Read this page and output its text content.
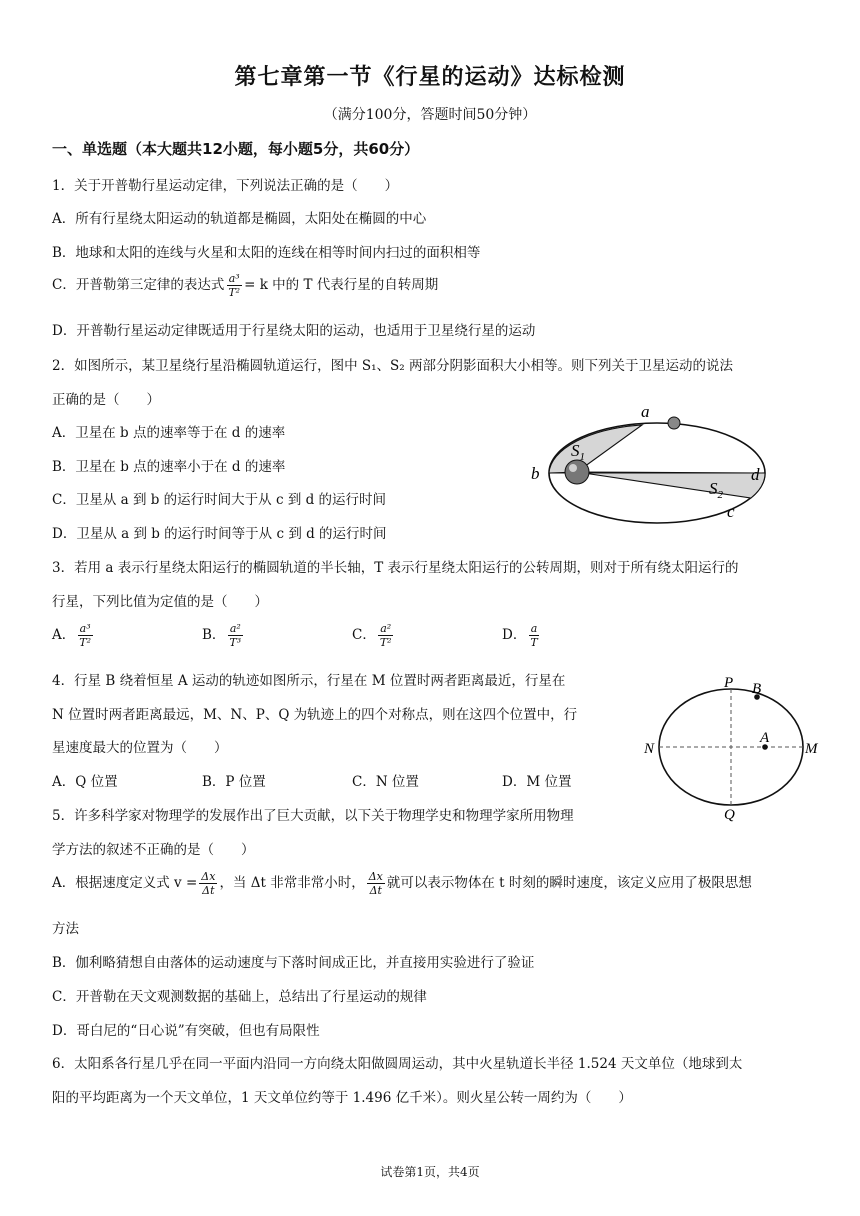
第七章第一节《行星的运动》达标检测
（满分100分，答题时间50分钟）
一、单选题（本大题共12小题，每小题5分，共60分）
1．关于开普勒行星运动定律，下列说法正确的是（　　）
A．所有行星绕太阳运动的轨道都是椭圆，太阳处在椭圆的中心
B．地球和太阳的连线与火星和太阳的连线在相等时间内扫过的面积相等
C．开普勒第三定律的表达式 $\frac{\text{a³}}{\text{T²}} = k$ 中的 T 代表行星的自转周期
D．开普勒行星运动定律既适用于行星绕太阳的运动，也适用于卫星绕行星的运动
2．如图所示，某卫星绕行星沿椭圆轨道运行，图中 S₁、S₂ 两部分阴影面积大小相等。则下列关于卫星运动的说法
正确的是（　　）
A．卫星在 b 点的速率等于在 d 的速率
B．卫星在 b 点的速率小于在 d 的速率
C．卫星从 a 到 b 的运行时间大于从 c 到 d 的运行时间
D．卫星从 a 到 b 的运行时间等于从 c 到 d 的运行时间
a
b	d
c
$S_1$
$S_2$
3．若用 a 表示行星绕太阳运行的椭圆轨道的半长轴，T 表示行星绕太阳运行的公转周期，则对于所有绕太阳运行的
行星，下列比值为定值的是（　　）
A． $\frac{\text{a³}}{\text{T²}}$	B． $\frac{\text{a²}}{\text{T³}}$	C． $\frac{\text{a²}}{\text{T²}}$	D． $\frac{a}{T}$
4．行星 B 绕着恒星 A 运动的轨迹如图所示，行星在 M 位置时两者距离最近，行星在
N 位置时两者距离最远，M、N、P、Q 为轨迹上的四个对称点，则在这四个位置中，行
星速度最大的位置为（　　）
A．Q 位置	B．P 位置	C．N 位置	D．M 位置
P B
A
N	M
Q
5．许多科学家对物理学的发展作出了巨大贡献，以下关于物理学史和物理学家所用物理
学方法的叙述不正确的是（　　）
A．根据速度定义式 $v = \frac{\Delta x}{\Delta t}$ ，当 Δt 非常非常小时， $\frac{\Delta x}{\Delta t}$ 就可以表示物体在 t 时刻的瞬时速度，该定义应用了极限思想
方法
B．伽利略猜想自由落体的运动速度与下落时间成正比，并直接用实验进行了验证
C．开普勒在天文观测数据的基础上，总结出了行星运动的规律
D．哥白尼的“日心说”有突破，但也有局限性
6．太阳系各行星几乎在同一平面内沿同一方向绕太阳做圆周运动，其中火星轨道长半径 1.524 天文单位（地球到太
阳的平均距离为一个天文单位，1 天文单位约等于 1.496 亿千米）。则火星公转一周约为（　　）
试卷第1页，共4页
